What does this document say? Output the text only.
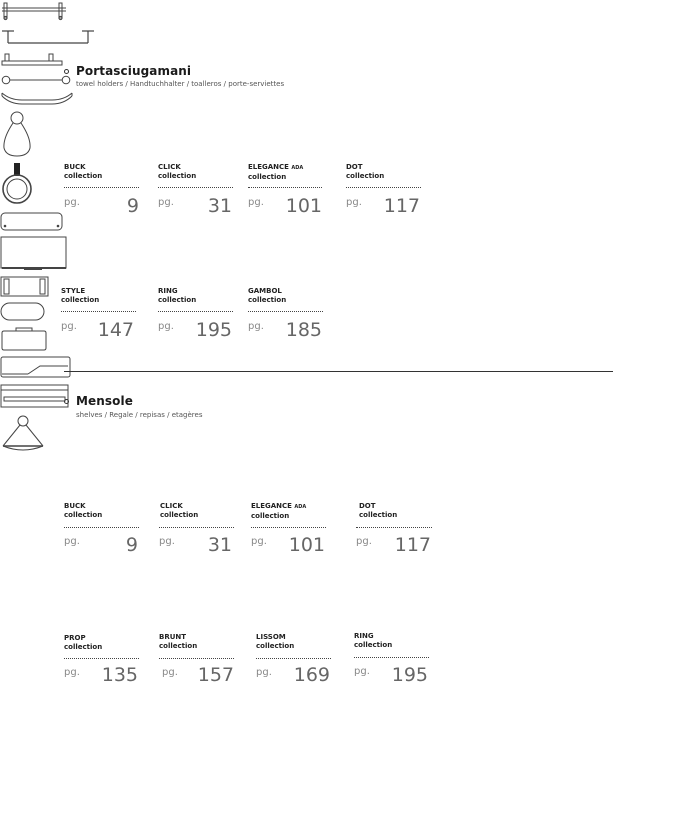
Portasciugamani
towel holders / Handtuchhalter / toalleros / porte-serviettes
BUCK
collection
pg.	9
CLICK
collection
pg.	31
ELEGANCE ADA
collection
pg.	101
DOT
collection
pg.	117
STYLE
collection
pg.	147
RING
collection
pg.	195
GAMBOL
collection
pg.	185
Mensole
shelves / Regale / repisas / etagères
BUCK
collection
pg.	9
CLICK
collection
pg.	31
ELEGANCE ADA
collection
pg.	101
DOT
collection
pg.	117
PROP
collection
pg.	135
BRUNT
collection
pg.	157
LISSOM
collection
pg.	169
RING
collection
pg.	195
